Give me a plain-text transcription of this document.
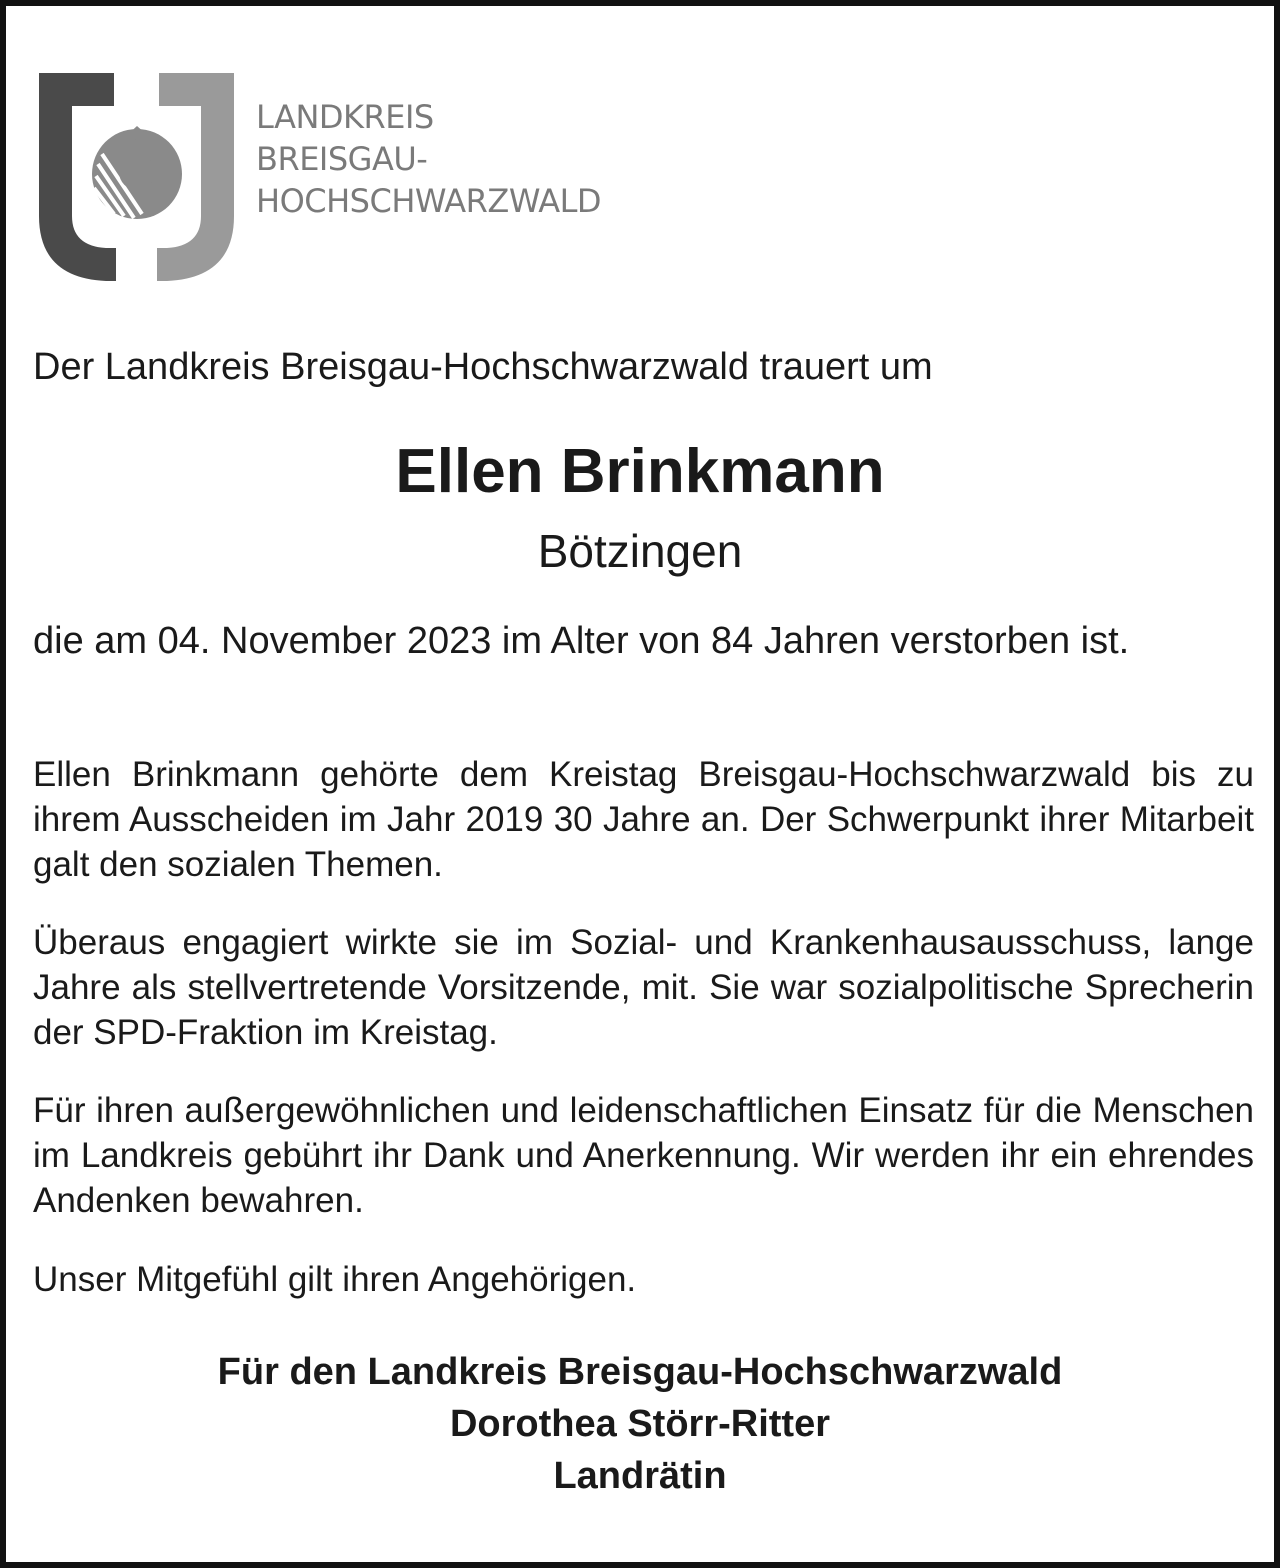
LANDKREIS
BREISGAU-
HOCHSCHWARZWALD
Der Landkreis Breisgau-Hochschwarzwald trauert um
Ellen Brinkmann
Bötzingen
die am 04. November 2023 im Alter von 84 Jahren verstorben ist.
Ellen Brinkmann gehörte dem Kreistag Breisgau-Hochschwarzwald bis zu ihrem Ausscheiden im Jahr 2019 30 Jahre an. Der Schwerpunkt ihrer Mitarbeit galt den sozialen Themen.
Überaus engagiert wirkte sie im Sozial- und Krankenhausausschuss, lange Jahre als stellvertretende Vorsitzende, mit. Sie war sozialpolitische Sprecherin der SPD-Fraktion im Kreistag.
Für ihren außergewöhnlichen und leidenschaftlichen Einsatz für die Menschen im Landkreis gebührt ihr Dank und Anerkennung. Wir werden ihr ein ehrendes Andenken bewahren.
Unser Mitgefühl gilt ihren Angehörigen.
Für den Landkreis Breisgau-Hochschwarzwald
Dorothea Störr-Ritter
Landrätin
